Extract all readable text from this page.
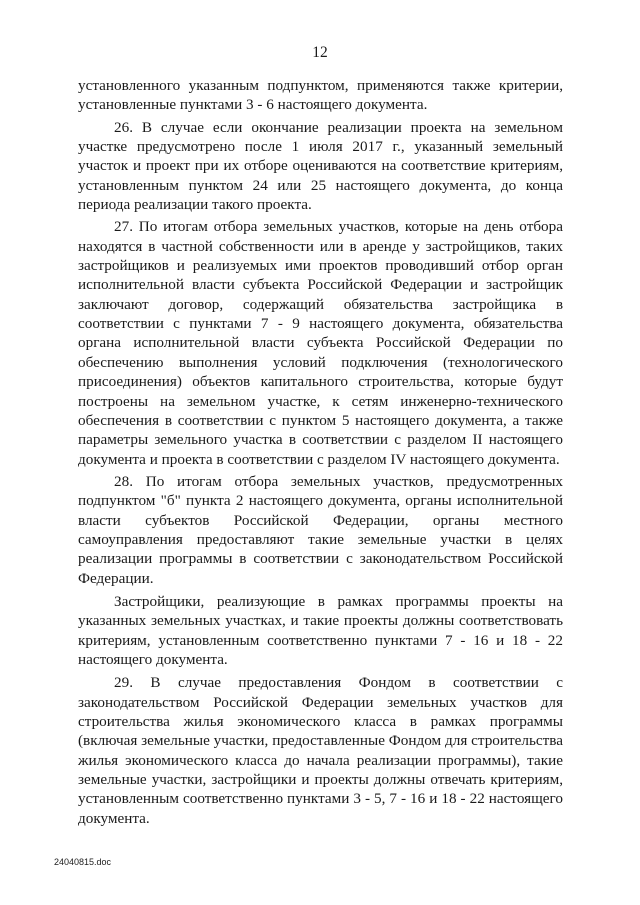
12

установленного указанным подпунктом, применяются также критерии, установленные пунктами 3 - 6 настоящего документа.

26. В случае если окончание реализации проекта на земельном участке предусмотрено после 1 июля 2017 г., указанный земельный участок и проект при их отборе оцениваются на соответствие критериям, установленным пунктом 24 или 25 настоящего документа, до конца периода реализации такого проекта.

27. По итогам отбора земельных участков, которые на день отбора находятся в частной собственности или в аренде у застройщиков, таких застройщиков и реализуемых ими проектов проводивший отбор орган исполнительной власти субъекта Российской Федерации и застройщик заключают договор, содержащий обязательства застройщика в соответствии с пунктами 7 - 9 настоящего документа, обязательства органа исполнительной власти субъекта Российской Федерации по обеспечению выполнения условий подключения (технологического присоединения) объектов капитального строительства, которые будут построены на земельном участке, к сетям инженерно-технического обеспечения в соответствии с пунктом 5 настоящего документа, а также параметры земельного участка в соответствии с разделом II настоящего документа и проекта в соответствии с разделом IV настоящего документа.

28. По итогам отбора земельных участков, предусмотренных подпунктом "б" пункта 2 настоящего документа, органы исполнительной власти субъектов Российской Федерации, органы местного самоуправления предоставляют такие земельные участки в целях реализации программы в соответствии с законодательством Российской Федерации.

Застройщики, реализующие в рамках программы проекты на указанных земельных участках, и такие проекты должны соответствовать критериям, установленным соответственно пунктами 7 - 16 и 18 - 22 настоящего документа.

29. В случае предоставления Фондом в соответствии с законодательством Российской Федерации земельных участков для строительства жилья экономического класса в рамках программы (включая земельные участки, предоставленные Фондом для строительства жилья экономического класса до начала реализации программы), такие земельные участки, застройщики и проекты должны отвечать критериям, установленным соответственно пунктами 3 - 5, 7 - 16 и 18 - 22 настоящего документа.

24040815.doc
